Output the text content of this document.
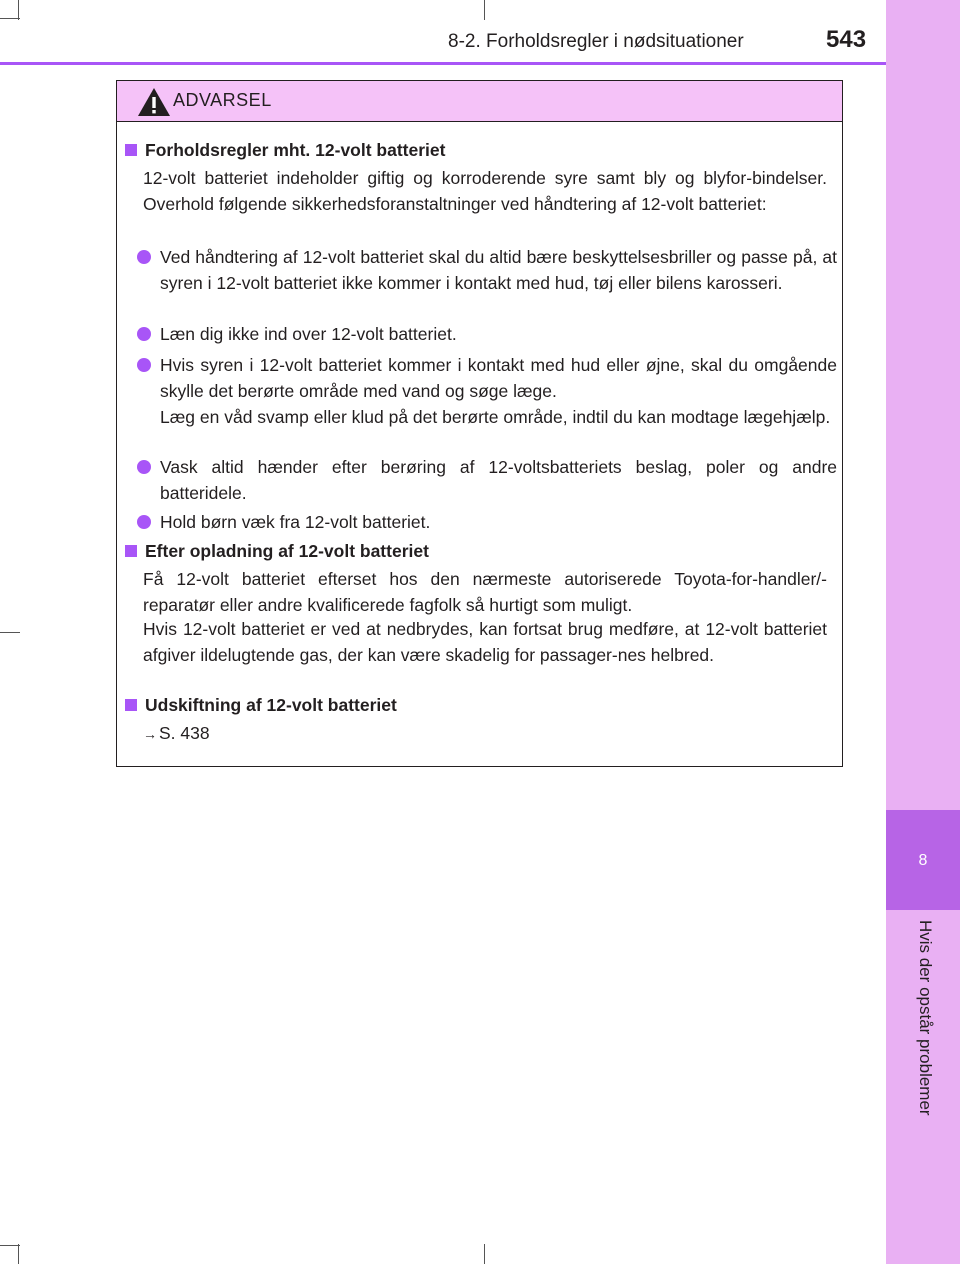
8
Hvis der opstår problemer
8-2. Forholdsregler i nødsituationer	543
ADVARSEL
Forholdsregler mht. 12-volt batteriet
12-volt batteriet indeholder giftig og korroderende syre samt bly og blyfor-bindelser. Overhold følgende sikkerhedsforanstaltninger ved håndtering af 12-volt batteriet:
Ved håndtering af 12-volt batteriet skal du altid bære beskyttelsesbriller og passe på, at syren i 12-volt batteriet ikke kommer i kontakt med hud, tøj eller bilens karosseri.
Læn dig ikke ind over 12-volt batteriet.
Hvis syren i 12-volt batteriet kommer i kontakt med hud eller øjne, skal du omgående skylle det berørte område med vand og søge læge.
Læg en våd svamp eller klud på det berørte område, indtil du kan modtage lægehjælp.
Vask altid hænder efter berøring af 12-voltsbatteriets beslag, poler og andre batteridele.
Hold børn væk fra 12-volt batteriet.
Efter opladning af 12-volt batteriet
Få 12-volt batteriet efterset hos den nærmeste autoriserede Toyota-for-handler/-reparatør eller andre kvalificerede fagfolk så hurtigt som muligt.
Hvis 12-volt batteriet er ved at nedbrydes, kan fortsat brug medføre, at 12-volt batteriet afgiver ildelugtende gas, der kan være skadelig for passager-nes helbred.
Udskiftning af 12-volt batteriet
→ S. 438
